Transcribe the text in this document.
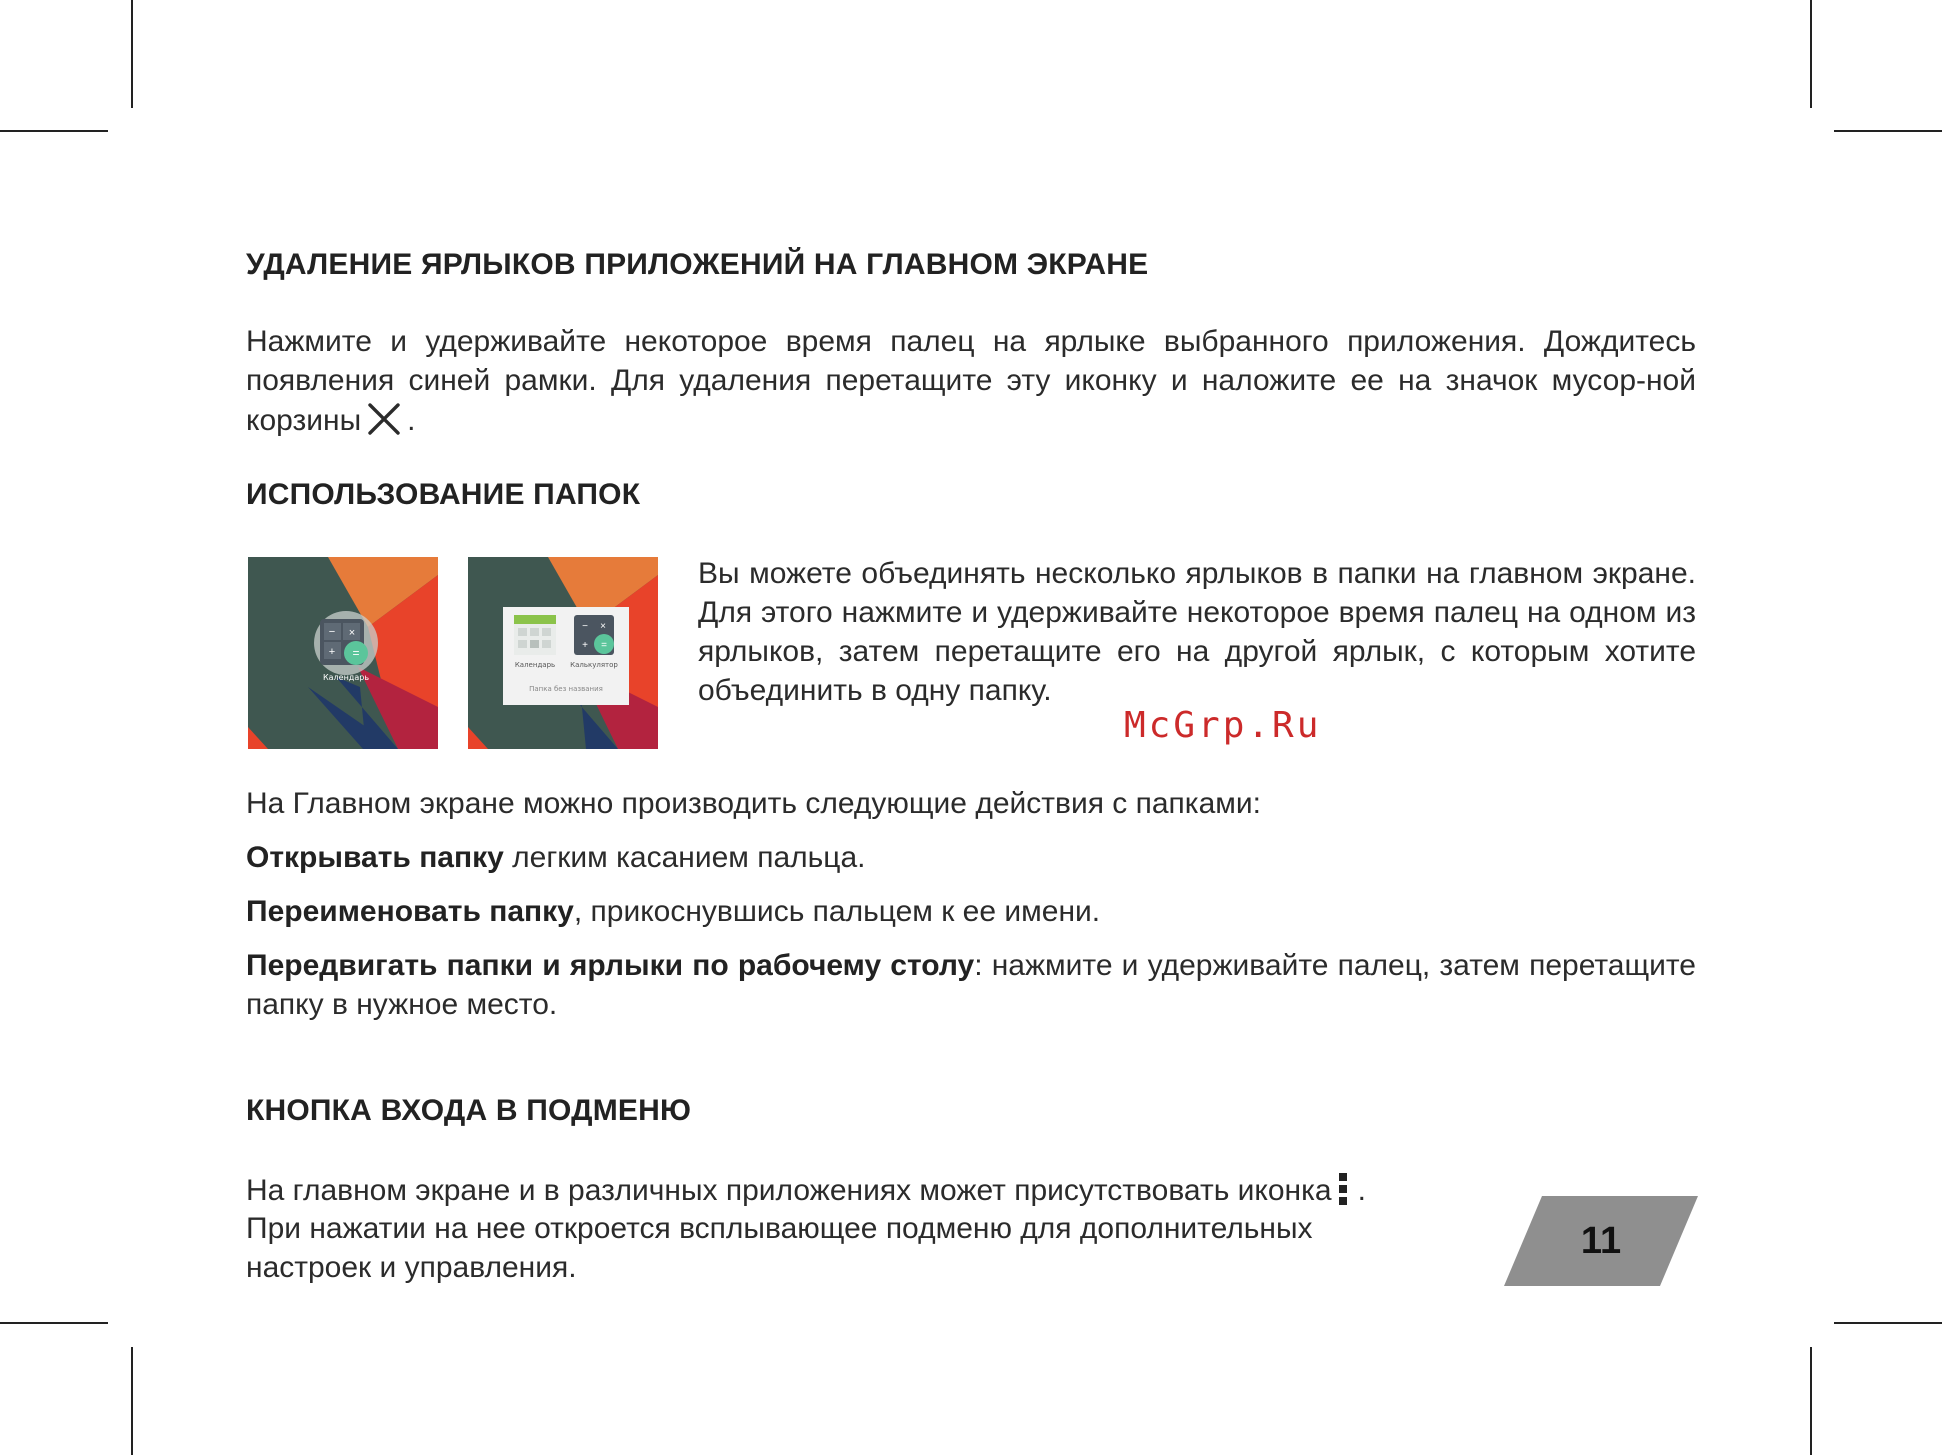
УДАЛЕНИЕ ЯРЛЫКОВ ПРИЛОЖЕНИЙ НА ГЛАВНОМ ЭКРАНЕ

Нажмите и удерживайте некоторое время палец на ярлыке выбранного приложения. Дождитесь появления синей рамки. Для удаления перетащите эту иконку и наложите ее на значок мусор-ной корзины .

ИСПОЛЬЗОВАНИЕ ПАПОК

Вы можете объединять несколько ярлыков в папки на главном экране. Для этого нажмите и удерживайте некоторое время палец на одном из ярлыков, затем перетащите его на другой ярлык, с которым хотите объединить в одну папку.

McGrp.Ru

На Главном экране можно производить следующие действия с папками:

Открывать папку легким касанием пальца.

Переименовать папку, прикоснувшись пальцем к ее имени.

Передвигать папки и ярлыки по рабочему столу: нажмите и удерживайте палец, затем перетащите папку в нужное место.

КНОПКА ВХОДА В ПОДМЕНЮ

На главном экране и в различных приложениях может присутствовать иконка .

При нажатии на нее откроется всплывающее подменю для дополнительных

настроек и управления.

− ×
+ =
Календарь
− ×
+ =
Календарь Калькулятор
Папка без названия
11
